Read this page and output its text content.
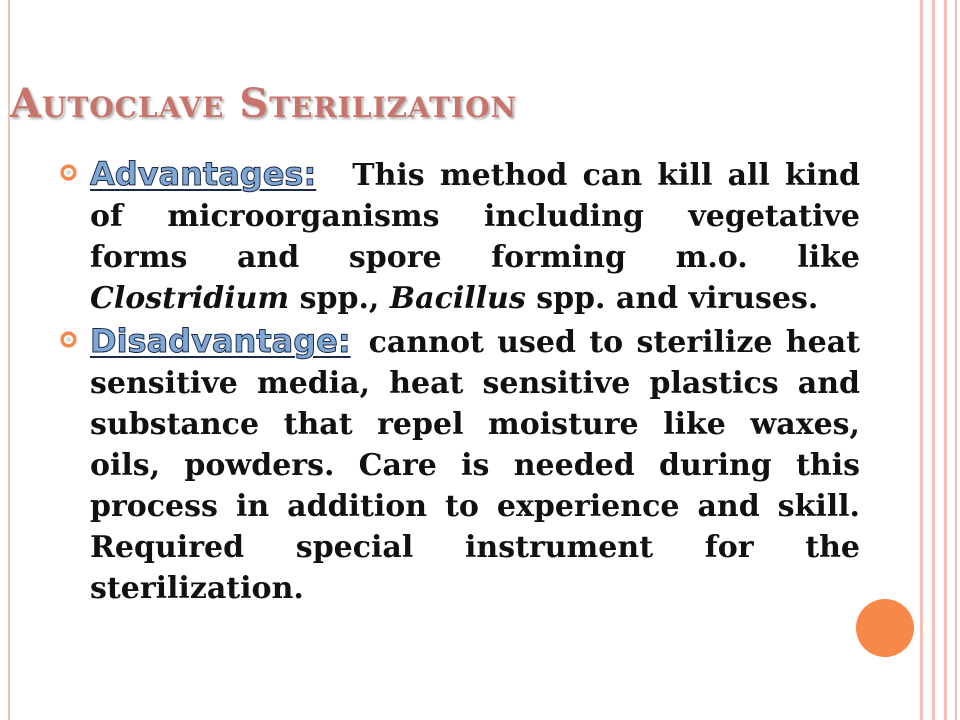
Autoclave Sterilization
Advantages: This method can kill all kind of microorganisms including vegetative forms and spore forming m.o. like Clostridium spp., Bacillus spp. and viruses.
Disadvantage: cannot used to sterilize heat sensitive media, heat sensitive plastics and substance that repel moisture like waxes, oils, powders. Care is needed during this process in addition to experience and skill. Required special instrument for the sterilization.
